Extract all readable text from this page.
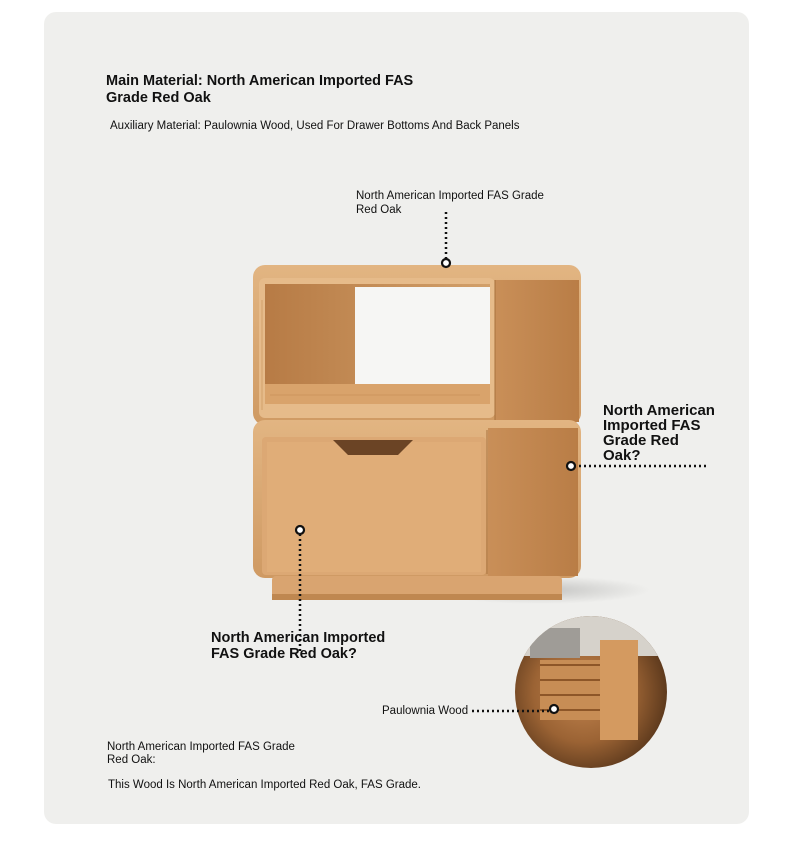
Main Material: North American Imported FAS Grade Red Oak

Auxiliary Material: Paulownia Wood, Used For Drawer Bottoms And Back Panels

North American Imported FAS Grade Red Oak

North American Imported FAS Grade Red Oak?

North American Imported FAS Grade Red Oak?

Paulownia Wood

North American Imported FAS Grade Red Oak:

This Wood Is North American Imported Red Oak, FAS Grade.
